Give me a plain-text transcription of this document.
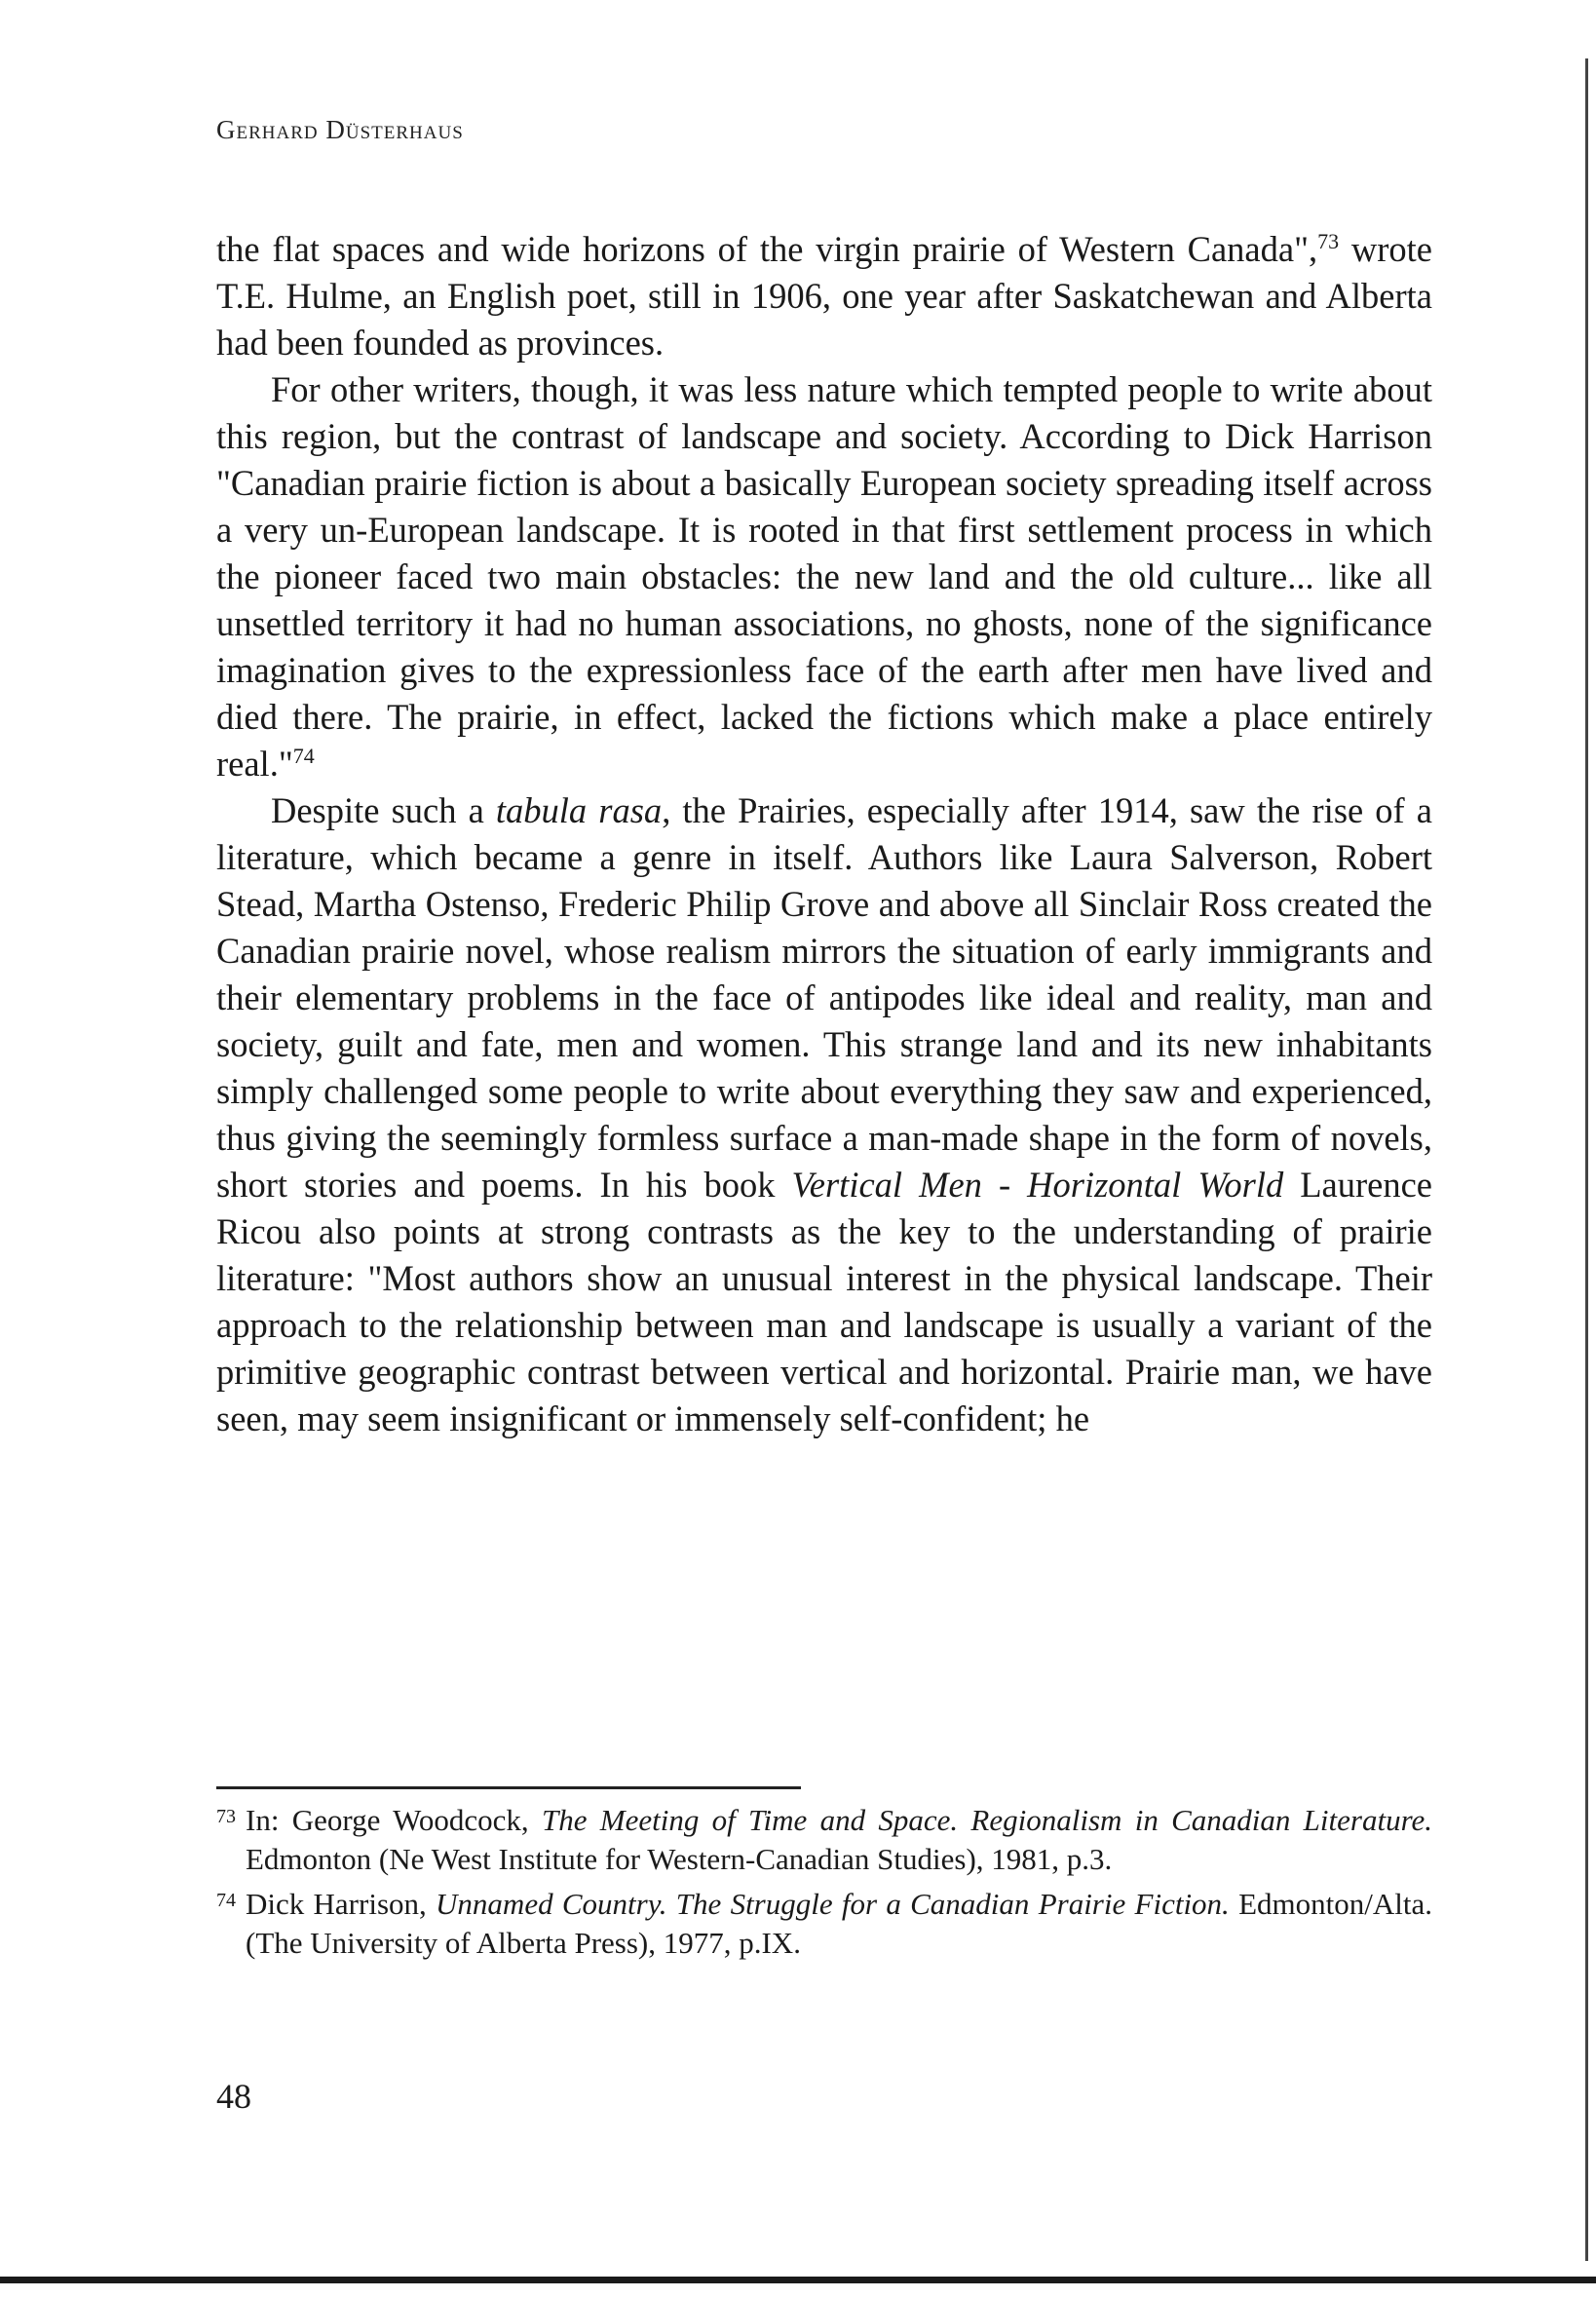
Gerhard Düsterhaus

the flat spaces and wide horizons of the virgin prairie of Western Canada",$^{73}$ wrote T.E. Hulme, an English poet, still in 1906, one year after Saskatchewan and Alberta had been founded as provinces.

For other writers, though, it was less nature which tempted people to write about this region, but the contrast of landscape and society. According to Dick Harrison "Canadian prairie fiction is about a basically European society spreading itself across a very un-European landscape. It is rooted in that first settlement process in which the pioneer faced two main obstacles: the new land and the old culture... like all unsettled territory it had no human associations, no ghosts, none of the significance imagination gives to the expressionless face of the earth after men have lived and died there. The prairie, in effect, lacked the fictions which make a place entirely real."$^{74}$

Despite such a tabula rasa, the Prairies, especially after 1914, saw the rise of a literature, which became a genre in itself. Authors like Laura Salverson, Robert Stead, Martha Ostenso, Frederic Philip Grove and above all Sinclair Ross created the Canadian prairie novel, whose realism mirrors the situation of early immigrants and their elementary problems in the face of antipodes like ideal and reality, man and society, guilt and fate, men and women. This strange land and its new inhabitants simply challenged some people to write about everything they saw and experienced, thus giving the seemingly formless surface a man-made shape in the form of novels, short stories and poems. In his book Vertical Men - Horizontal World Laurence Ricou also points at strong contrasts as the key to the understanding of prairie literature: "Most authors show an unusual interest in the physical landscape. Their approach to the relationship between man and landscape is usually a variant of the primitive geographic contrast between vertical and horizontal. Prairie man, we have seen, may seem insignificant or immensely self-confident; he

73 In: George Woodcock, The Meeting of Time and Space. Regionalism in Canadian Literature. Edmonton (Ne West Institute for Western-Canadian Studies), 1981, p.3.
74 Dick Harrison, Unnamed Country. The Struggle for a Canadian Prairie Fiction. Edmonton/Alta. (The University of Alberta Press), 1977, p.IX.
48
